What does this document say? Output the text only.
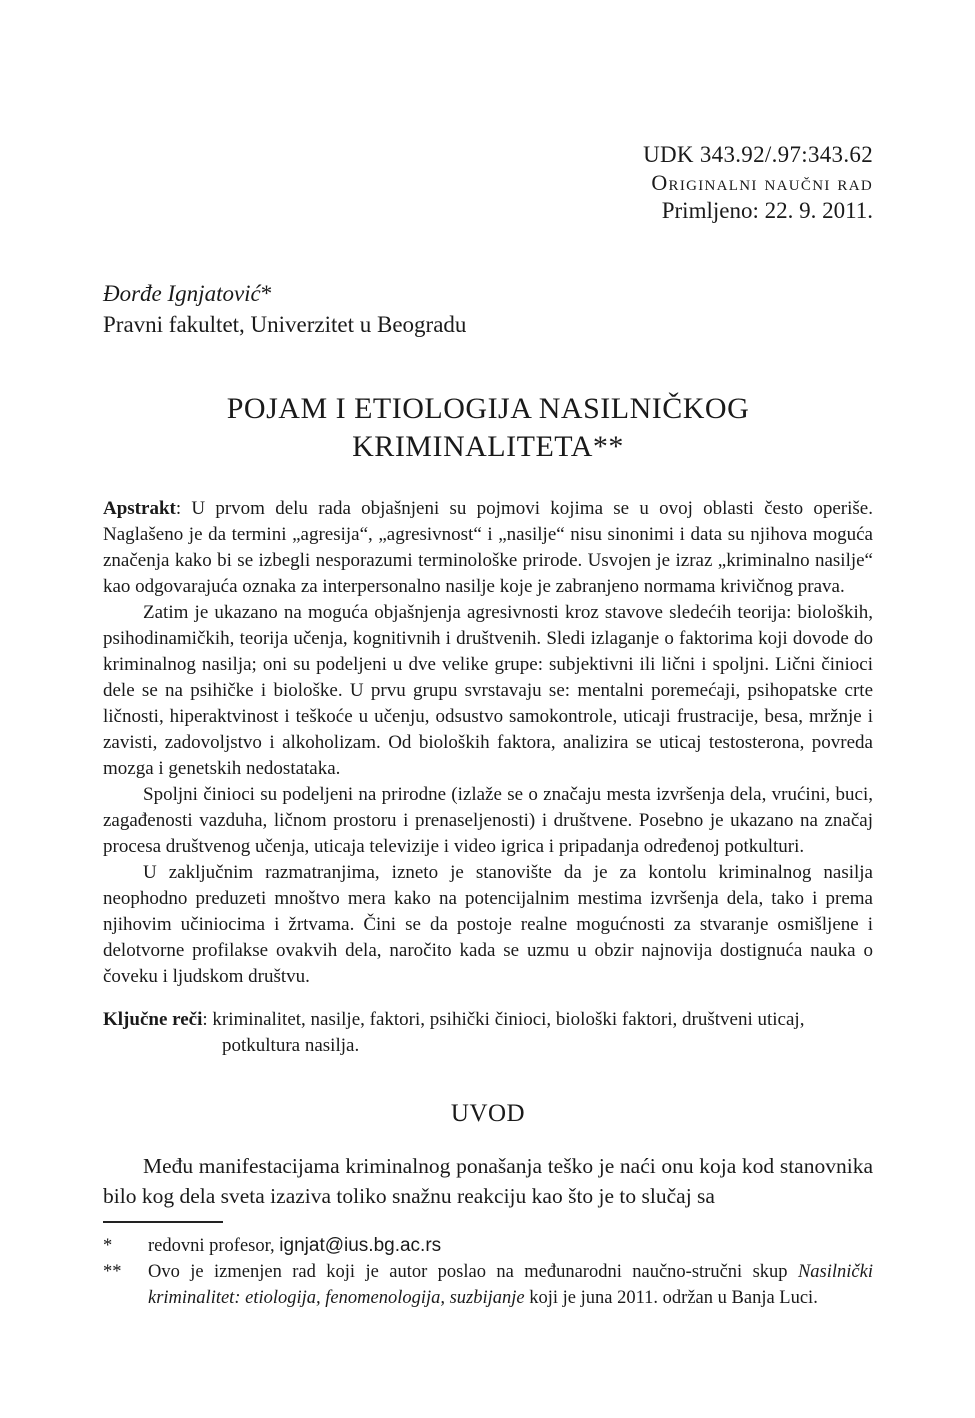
UDK 343.92/.97:343.62
Originalni naučni rad
Primljeno: 22. 9. 2011.
Đorđe Ignjatović*
Pravni fakultet, Univerzitet u Beogradu
POJAM I ETIOLOGIJA NASILNIČKOG KRIMINALITETA**

Apstrakt: U prvom delu rada objašnjeni su pojmovi kojima se u ovoj oblasti često operiše. Naglašeno je da termini „agresija“, „agresivnost“ i „nasilje“ nisu sinonimi i data su njihova moguća značenja kako bi se izbegli nesporazumi terminološke prirode. Usvojen je izraz „kriminalno nasilje“ kao odgovarajuća oznaka za interpersonalno nasilje koje je zabranjeno normama krivičnog prava.

Zatim je ukazano na moguća objašnjenja agresivnosti kroz stavove sledećih teorija: bioloških, psihodinamičkih, teorija učenja, kognitivnih i društvenih. Sledi izlaganje o faktorima koji dovode do kriminalnog nasilja; oni su podeljeni u dve velike grupe: subjektivni ili lični i spoljni. Lični činioci dele se na psihičke i biološke. U prvu grupu svrstavaju se: mentalni poremećaji, psihopatske crte ličnosti, hiperaktvinost i teškoće u učenju, odsustvo samokontrole, uticaji frustracije, besa, mržnje i zavisti, zadovoljstvo i alkoholizam. Od bioloških faktora, analizira se uticaj testosterona, povreda mozga i genetskih nedostataka.

Spoljni činioci su podeljeni na prirodne (izlaže se o značaju mesta izvršenja dela, vrućini, buci, zagađenosti vazduha, ličnom prostoru i prenaseljenosti) i društvene. Posebno je ukazano na značaj procesa društvenog učenja, uticaja televizije i video igrica i pripadanja određenoj potkulturi.

U zaključnim razmatranjima, izneto je stanovište da je za kontolu kriminalnog nasilja neophodno preduzeti mnoštvo mera kako na potencijalnim mestima izvršenja dela, tako i prema njihovim učiniocima i žrtvama. Čini se da postoje realne mogućnosti za stvaranje osmišljene i delotvorne profilakse ovakvih dela, naročito kada se uzmu u obzir najnovija dostignuća nauka o čoveku i ljudskom društvu.

Ključne reči: kriminalitet, nasilje, faktori, psihički činioci, biološki faktori, društveni uticaj, potkultura nasilja.
UVOD

Među manifestacijama kriminalnog ponašanja teško je naći onu koja kod stanovnika bilo kog dela sveta izaziva toliko snažnu reakciju kao što je to slučaj sa

*	redovni profesor, ignjat@ius.bg.ac.rs
**	Ovo je izmenjen rad koji je autor poslao na međunarodni naučno-stručni skup Nasilnički kriminalitet: etiologija, fenomenologija, suzbijanje koji je juna 2011. održan u Banja Luci.
